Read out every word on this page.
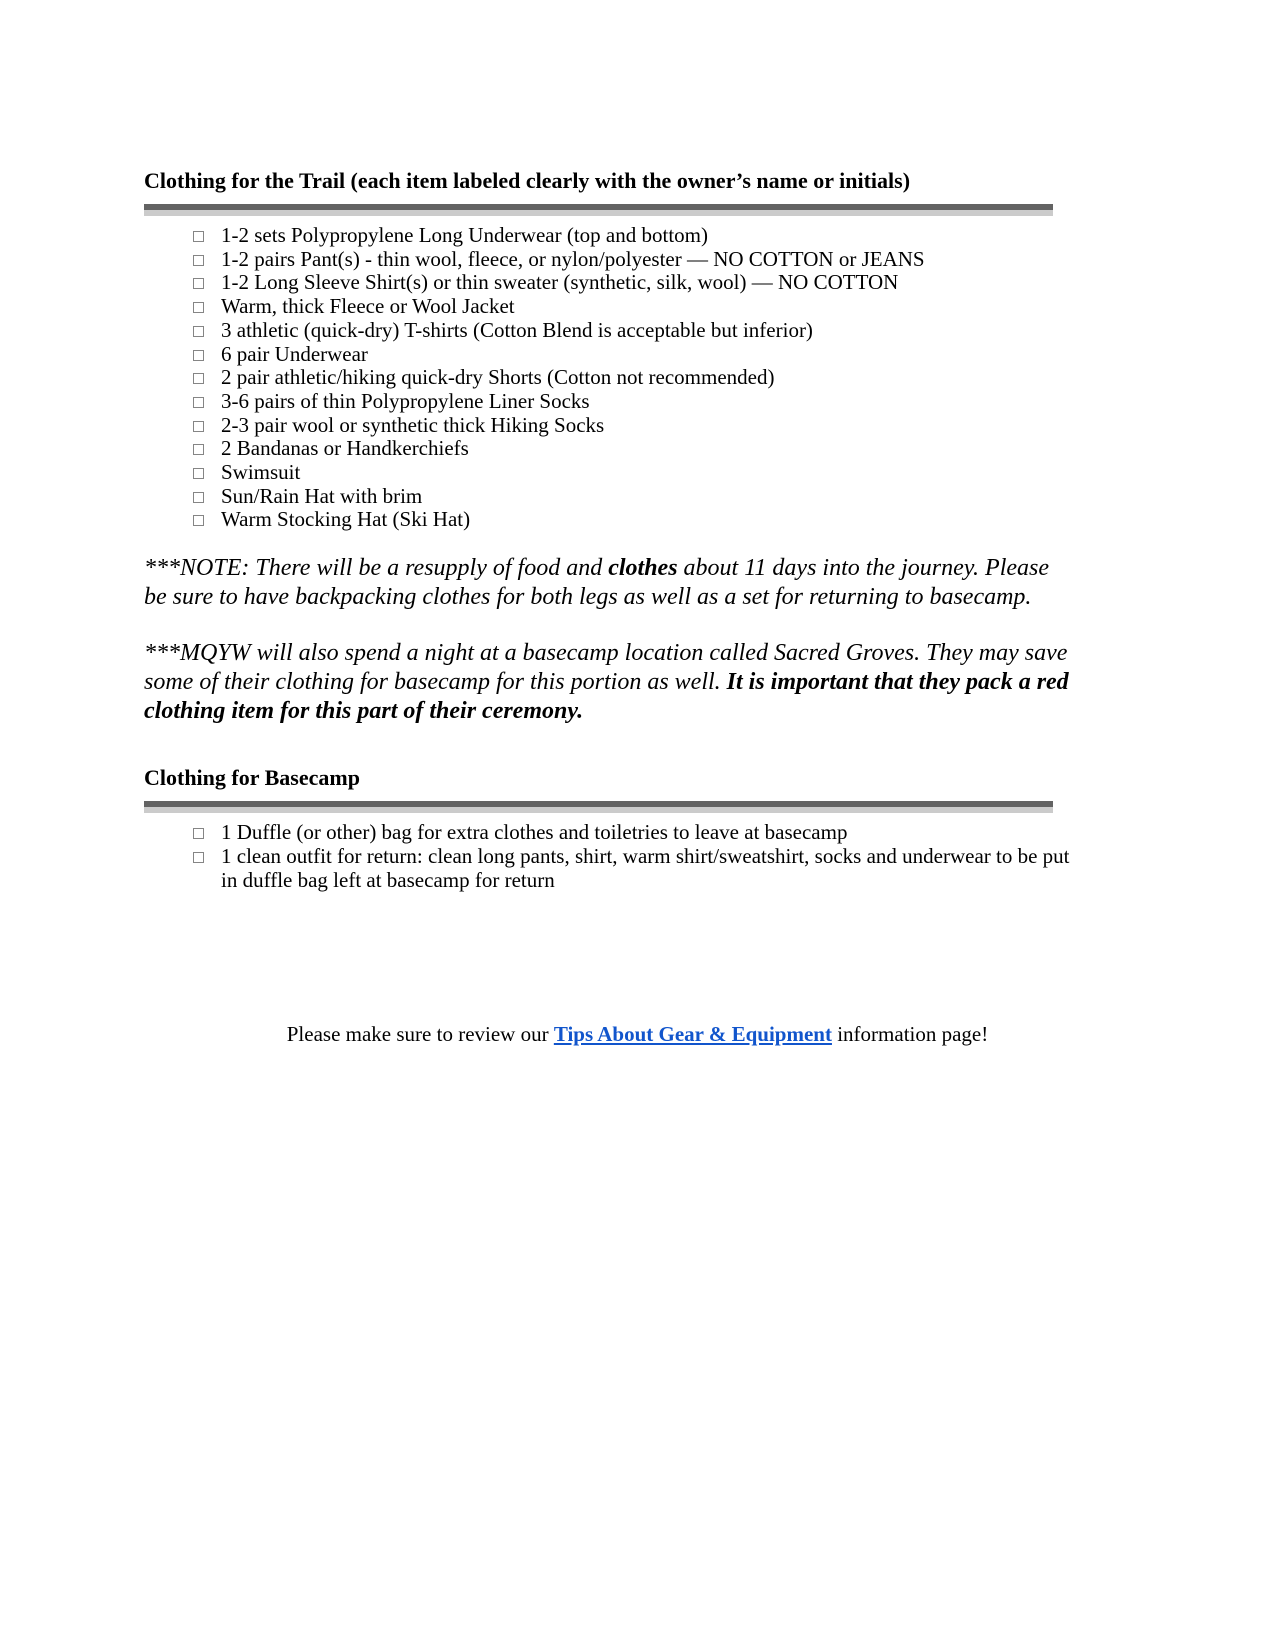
Clothing for the Trail (each item labeled clearly with the owner’s name or initials)
1-2 sets Polypropylene Long Underwear (top and bottom)
1-2 pairs Pant(s) - thin wool, fleece, or nylon/polyester — NO COTTON or JEANS
1-2 Long Sleeve Shirt(s) or thin sweater (synthetic, silk, wool) — NO COTTON
Warm, thick Fleece or Wool Jacket
3 athletic (quick-dry) T-shirts (Cotton Blend is acceptable but inferior)
6 pair Underwear
2 pair athletic/hiking quick-dry Shorts (Cotton not recommended)
3-6 pairs of thin Polypropylene Liner Socks
2-3 pair wool or synthetic thick Hiking Socks
2 Bandanas or Handkerchiefs
Swimsuit
Sun/Rain Hat with brim
Warm Stocking Hat (Ski Hat)

***NOTE: There will be a resupply of food and clothes about 11 days into the journey. Please be sure to have backpacking clothes for both legs as well as a set for returning to basecamp.

***MQYW will also spend a night at a basecamp location called Sacred Groves. They may save some of their clothing for basecamp for this portion as well. It is important that they pack a red clothing item for this part of their ceremony.

Clothing for Basecamp
1 Duffle (or other) bag for extra clothes and toiletries to leave at basecamp
1 clean outfit for return: clean long pants, shirt, warm shirt/sweatshirt, socks and underwear to be put in duffle bag left at basecamp for return

Please make sure to review our Tips About Gear & Equipment information page!
